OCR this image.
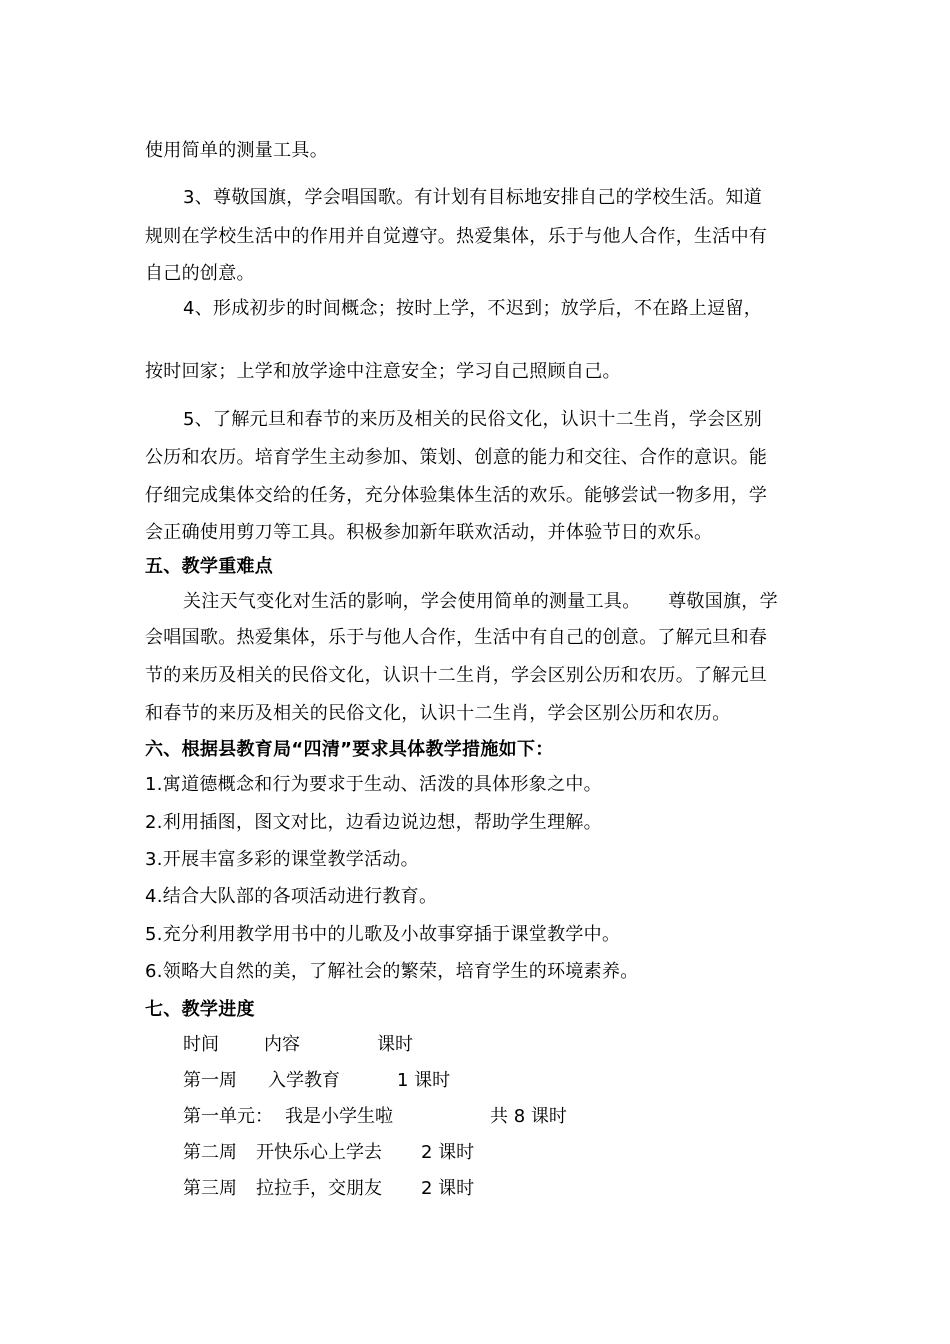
使用简单的测量工具。
3、尊敬国旗，学会唱国歌。有计划有目标地安排自己的学校生活。知道
规则在学校生活中的作用并自觉遵守。热爱集体，乐于与他人合作，生活中有
自己的创意。
4、形成初步的时间概念；按时上学，不迟到；放学后，不在路上逗留，
按时回家；上学和放学途中注意安全；学习自己照顾自己。
5、了解元旦和春节的来历及相关的民俗文化，认识十二生肖，学会区别
公历和农历。培育学生主动参加、策划、创意的能力和交往、合作的意识。能
仔细完成集体交给的任务，充分体验集体生活的欢乐。能够尝试一物多用，学
会正确使用剪刀等工具。积极参加新年联欢活动，并体验节日的欢乐。
五、教学重难点
关注天气变化对生活的影响，学会使用简单的测量工具。　　尊敬国旗，学
会唱国歌。热爱集体，乐于与他人合作，生活中有自己的创意。了解元旦和春
节的来历及相关的民俗文化，认识十二生肖，学会区别公历和农历。了解元旦
和春节的来历及相关的民俗文化，认识十二生肖，学会区别公历和农历。
六、根据县教育局“四清”要求具体教学措施如下：
1.寓道德概念和行为要求于生动、活泼的具体形象之中。
2.利用插图，图文对比，边看边说边想，帮助学生理解。
3.开展丰富多彩的课堂教学活动。
4.结合大队部的各项活动进行教育。
5.充分利用教学用书中的儿歌及小故事穿插于课堂教学中。
6.领略大自然的美，了解社会的繁荣，培育学生的环境素养。
七、教学进度
时间	内容	课时
第一周 入学教育	1 课时
第一单元： 我是小学生啦	共 8 课时
第二周 开快乐心上学去 2 课时
第三周 拉拉手，交朋友 2 课时
